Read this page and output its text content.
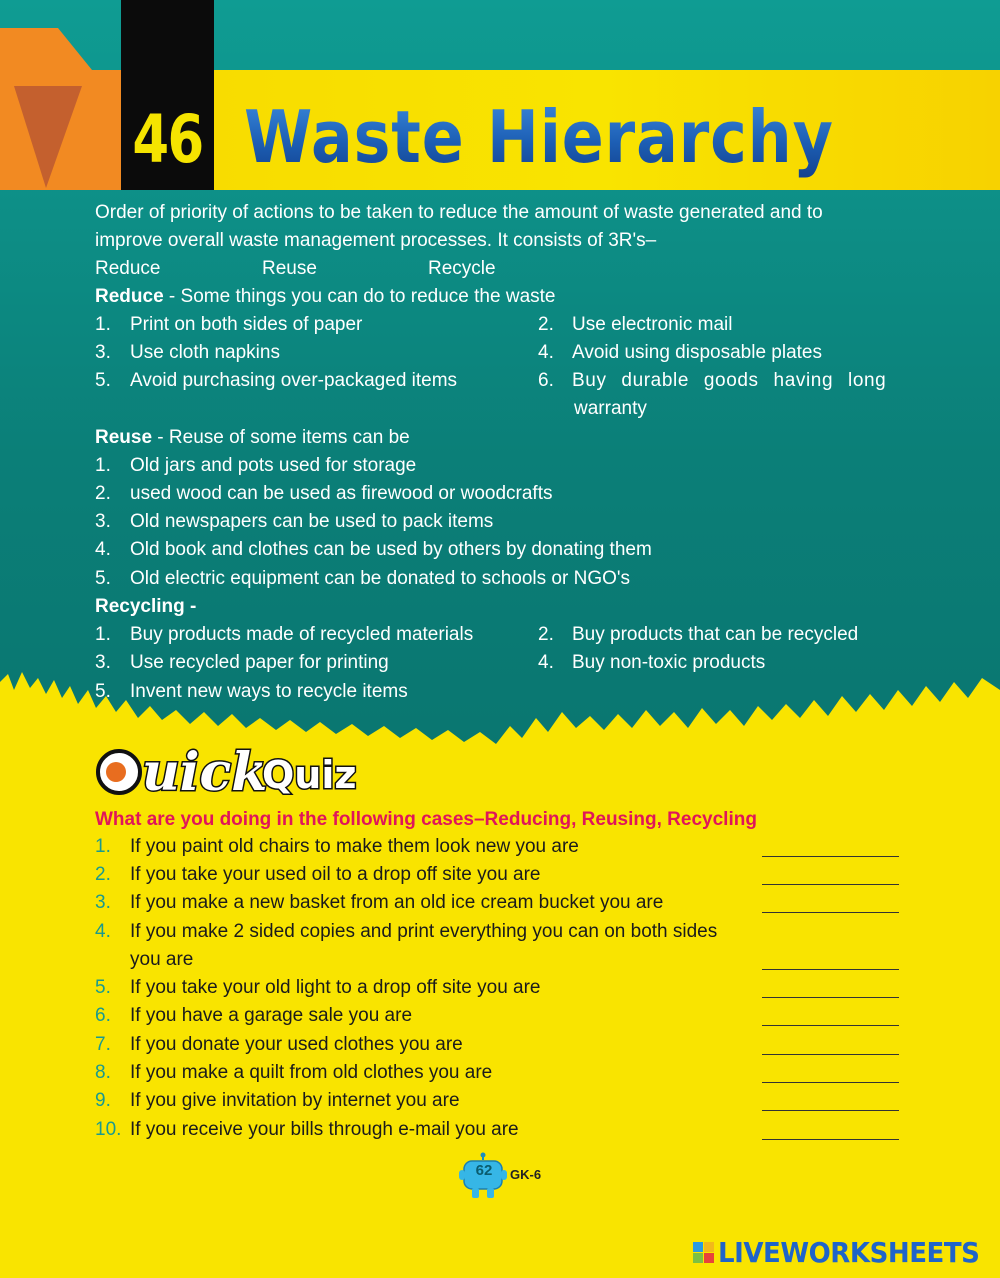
46 Waste Hierarchy
Order of priority of actions to be taken to reduce the amount of waste generated and to
improve overall waste management processes. It consists of 3R's–
Reduce	Reuse	Recycle
Reduce - Some things you can do to reduce the waste
1. Print on both sides of paper	2. Use electronic mail
3. Use cloth napkins	4. Avoid using disposable plates
5. Avoid purchasing over-packaged items	6. Buy durable goods having long
warranty
Reuse - Reuse of some items can be
1. Old jars and pots used for storage
2. used wood can be used as firewood or woodcrafts
3. Old newspapers can be used to pack items
4. Old book and clothes can be used by others by donating them
5. Old electric equipment can be donated to schools or NGO's
Recycling -
1. Buy products made of recycled materials	2. Buy products that can be recycled
3. Use recycled paper for printing	4. Buy non-toxic products
5. Invent new ways to recycle items
uick
Quiz
What are you doing in the following cases–Reducing, Reusing, Recycling
1. If you paint old chairs to make them look new you are
2. If you take your used oil to a drop off site you are
3. If you make a new basket from an old ice cream bucket you are
4. If you make 2 sided copies and print everything you can on both sides
you are
5. If you take your old light to a drop off site you are
6. If you have a garage sale you are
7. If you donate your used clothes you are
8. If you make a quilt from old clothes you are
9. If you give invitation by internet you are
10. If you receive your bills through e-mail you are
62	GK-6
LIVEWORKSHEETS
